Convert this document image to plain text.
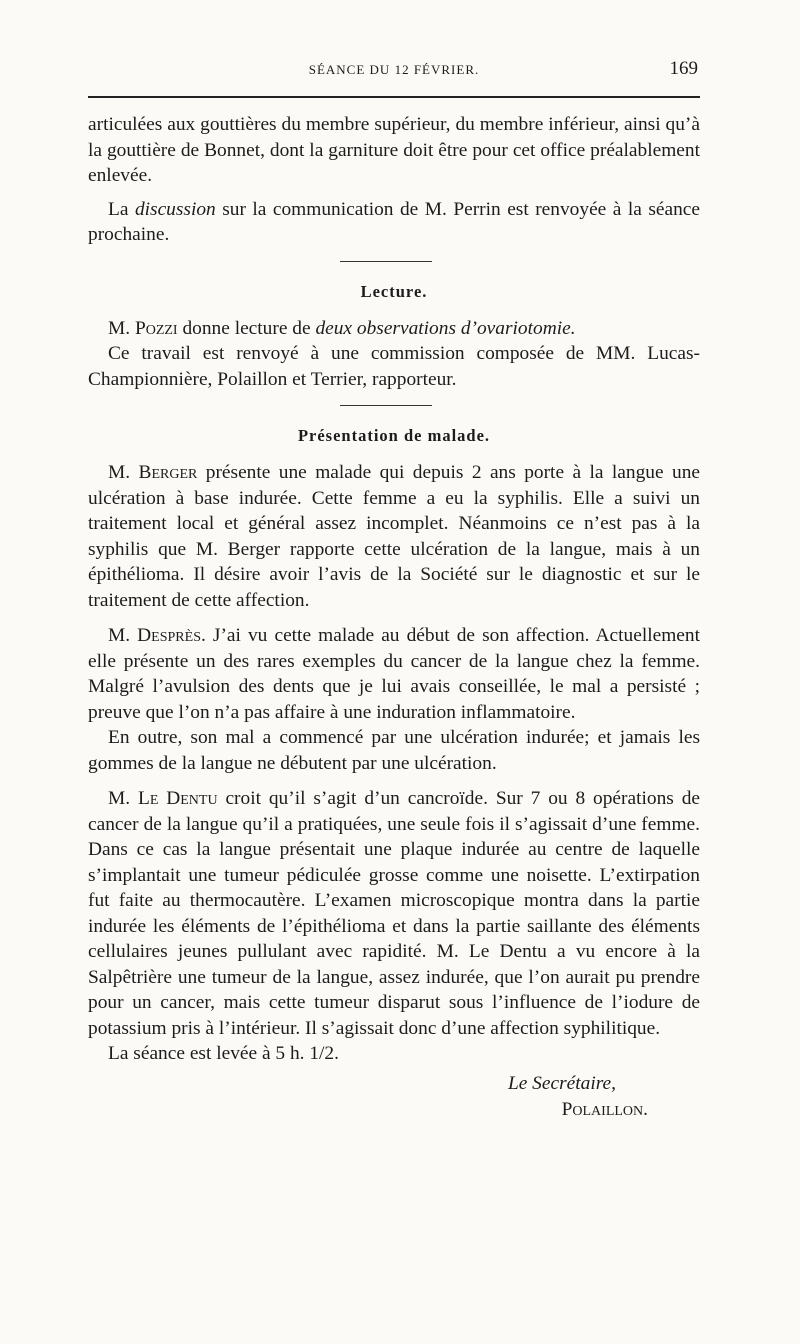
SÉANCE DU 12 FÉVRIER.	169

articulées aux gouttières du membre supérieur, du membre inférieur, ainsi qu’à la gouttière de Bonnet, dont la garniture doit être pour cet office préalablement enlevée.

La discussion sur la communication de M. Perrin est renvoyée à la séance prochaine.

Lecture.

M. Pozzi donne lecture de deux observations d’ovariotomie.

Ce travail est renvoyé à une commission composée de MM. Lucas-Championnière, Polaillon et Terrier, rapporteur.

Présentation de malade.

M. Berger présente une malade qui depuis 2 ans porte à la langue une ulcération à base indurée. Cette femme a eu la syphilis. Elle a suivi un traitement local et général assez incomplet. Néanmoins ce n’est pas à la syphilis que M. Berger rapporte cette ulcération de la langue, mais à un épithélioma. Il désire avoir l’avis de la Société sur le diagnostic et sur le traitement de cette affection.

M. Desprès. J’ai vu cette malade au début de son affection. Actuellement elle présente un des rares exemples du cancer de la langue chez la femme. Malgré l’avulsion des dents que je lui avais conseillée, le mal a persisté ; preuve que l’on n’a pas affaire à une induration inflammatoire.

En outre, son mal a commencé par une ulcération indurée; et jamais les gommes de la langue ne débutent par une ulcération.

M. Le Dentu croit qu’il s’agit d’un cancroïde. Sur 7 ou 8 opérations de cancer de la langue qu’il a pratiquées, une seule fois il s’agissait d’une femme. Dans ce cas la langue présentait une plaque indurée au centre de laquelle s’implantait une tumeur pédiculée grosse comme une noisette. L’extirpation fut faite au thermocautère. L’examen microscopique montra dans la partie indurée les éléments de l’épithélioma et dans la partie saillante des éléments cellulaires jeunes pullulant avec rapidité. M. Le Dentu a vu encore à la Salpêtrière une tumeur de la langue, assez indurée, que l’on aurait pu prendre pour un cancer, mais cette tumeur disparut sous l’influence de l’iodure de potassium pris à l’intérieur. Il s’agissait donc d’une affection syphilitique.

La séance est levée à 5 h. 1/2.

Le Secrétaire,
Polaillon.
